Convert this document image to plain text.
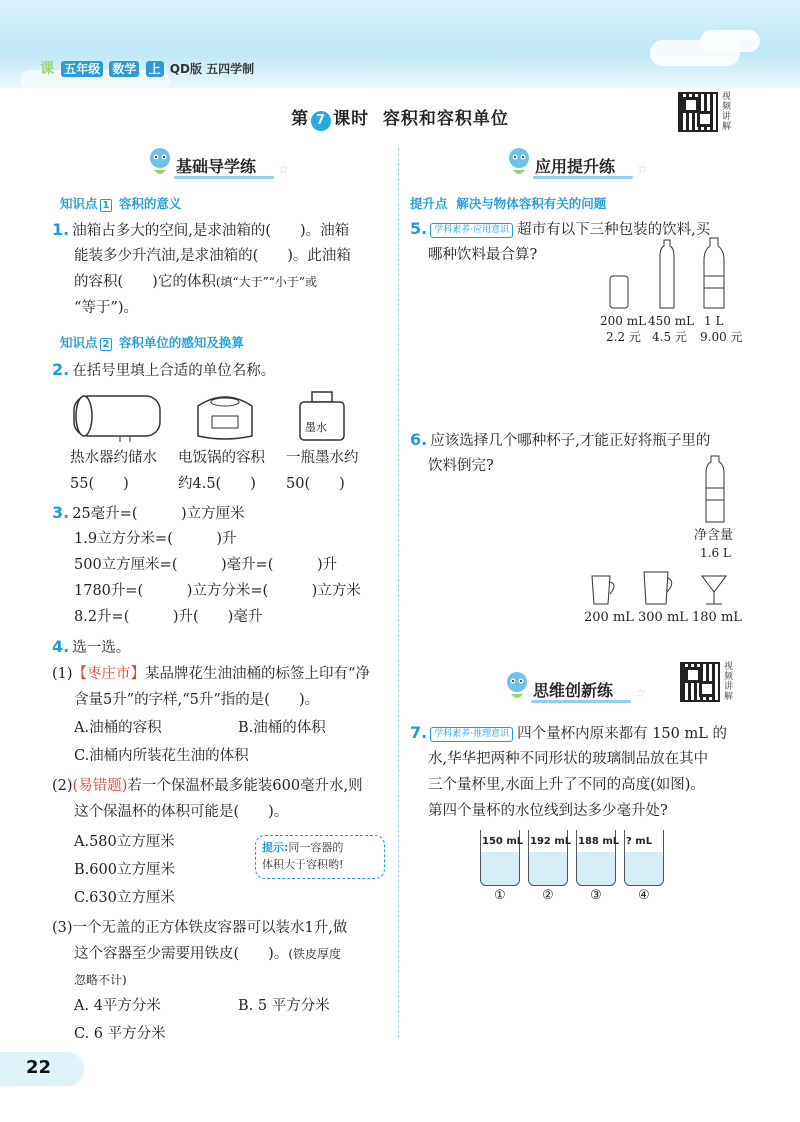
课 五年级 数学 上 QD版 五四学制
第 7 课时 容积和容积单位
视频讲解
基础导学练 ☆
知识点 1 容积的意义
1. 油箱占多大的空间,是求油箱的(　　)。油箱
能装多少升汽油,是求油箱的(　　)。此油箱
的容积(　　)它的体积(填“大于”“小于”或
“等于”)。
知识点 2 容积单位的感知及换算
2. 在括号里填上合适的单位名称。
墨水
热水器约储水 电饭锅的容积 一瓶墨水约
55(　　)	约4.5(　　) 50(　　)
3. 25毫升=(　　　)立方厘米
1.9立方分米=(　　　)升
500立方厘米=(　　　)毫升=(　　　)升
1780升=(　　　)立方分米=(　　　)立方米
8.2升=(　　　)升(　　)毫升
4. 选一选。
(1)【枣庄市】某品牌花生油油桶的标签上印有“净
含量5升”的字样,“5升”指的是(　　)。
A.油桶的容积	B.油桶的体积
C.油桶内所装花生油的体积
(2)(易错题)若一个保温杯最多能装600毫升水,则
这个保温杯的体积可能是(　　)。
A.580立方厘米
B.600立方厘米
C.630立方厘米
提示:同一容器的
体积大于容积哟!
(3)一个无盖的正方体铁皮容器可以装水1升,做
这个容器至少需要用铁皮(　　)。(铁皮厚度
忽略不计)
A. 4平方分米	B. 5 平方分米
C. 6 平方分米
应用提升练 ☆
提升点 解决与物体容积有关的问题
5. 学科素养·应用意识 超市有以下三种包装的饮料,买
哪种饮料最合算?
200 mL 450 mL 1 L
2.2 元 4.5 元 9.00 元
6. 应该选择几个哪种杯子,才能正好将瓶子里的
饮料倒完?
净含量
1.6 L
200 mL 300 mL 180 mL
思维创新练 ☆
视频讲解
7. 学科素养·推理意识 四个量杯内原来都有 150 mL 的
水,华华把两种不同形状的玻璃制品放在其中
三个量杯里,水面上升了不同的高度(如图)。
第四个量杯的水位线到达多少毫升处?
150 mL
①
192 mL
②
188 mL
③
? mL
④
22
